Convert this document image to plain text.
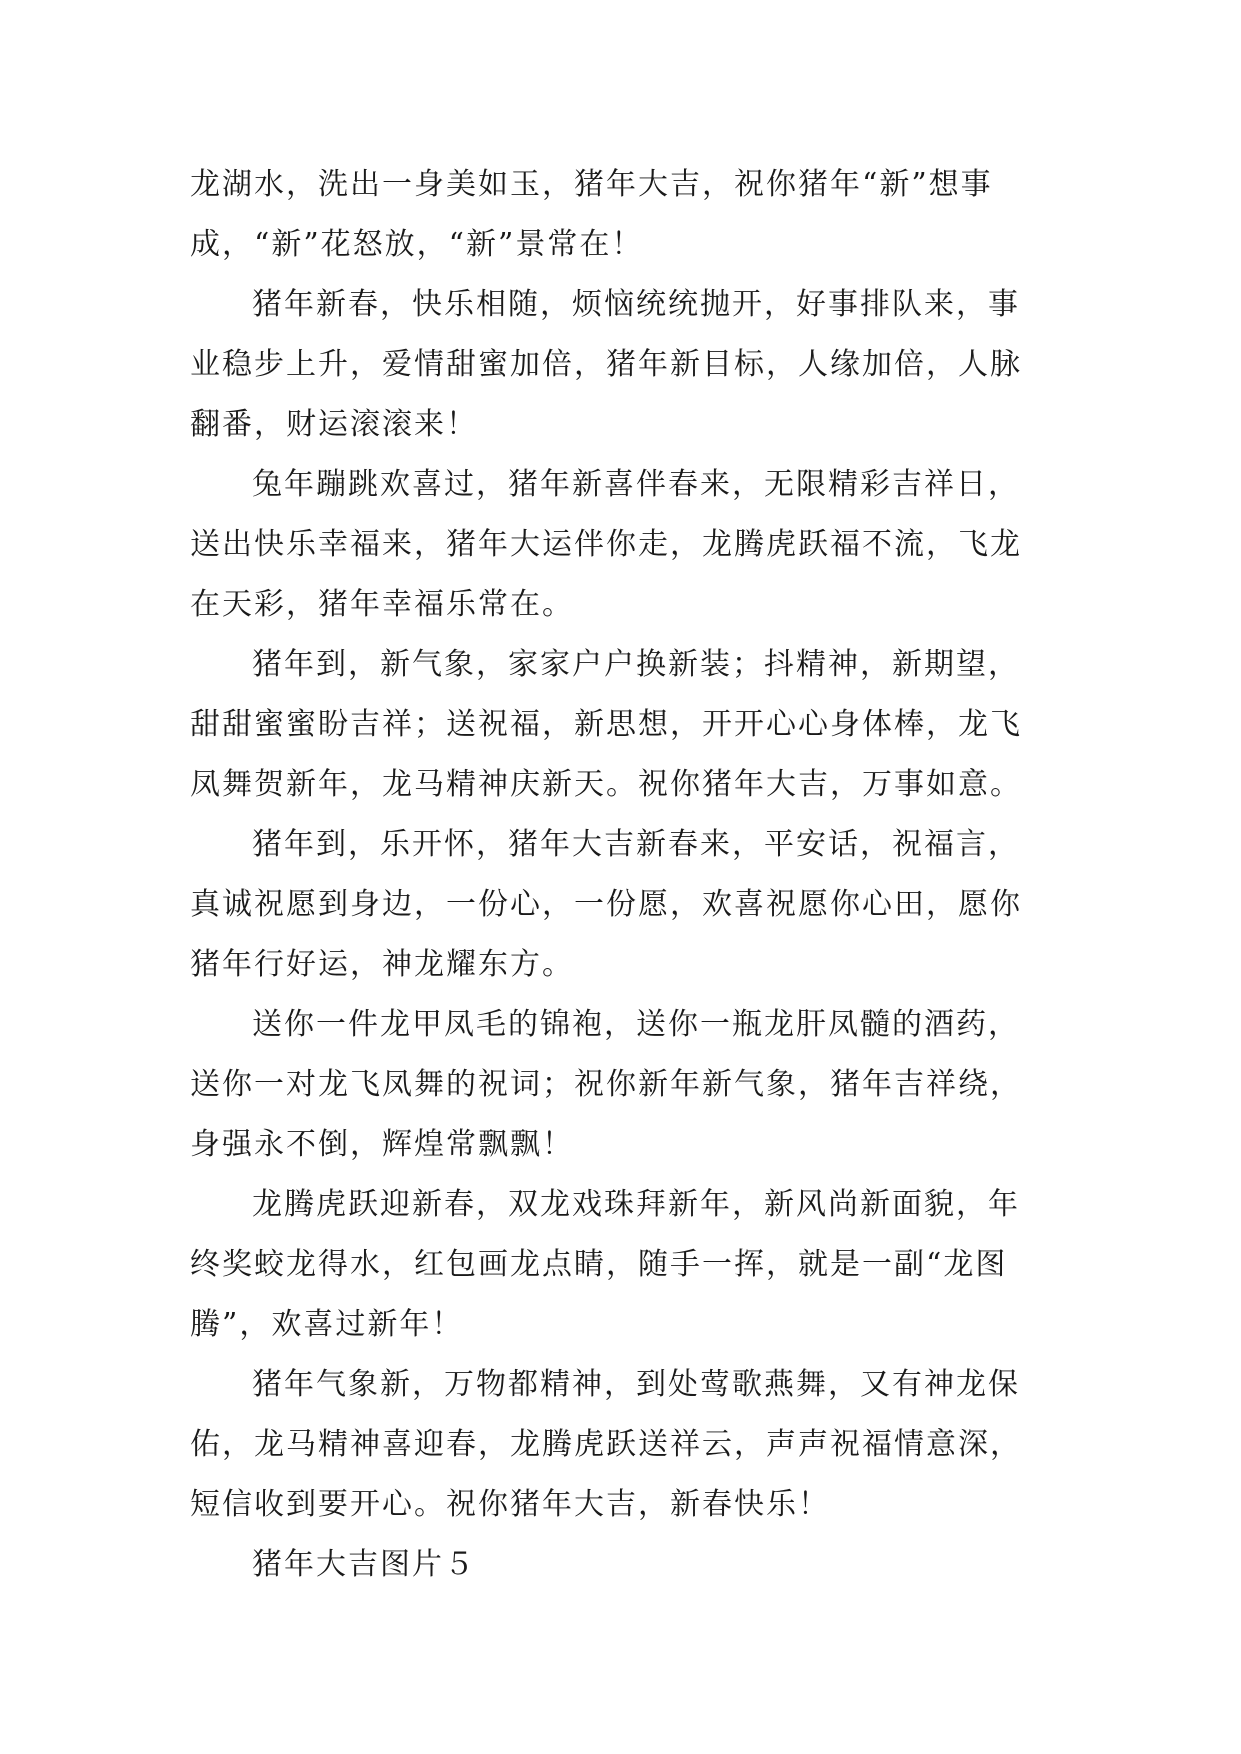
龙湖水，洗出一身美如玉，猪年大吉，祝你猪年“新”想事
成，“新”花怒放，“新”景常在！

猪年新春，快乐相随，烦恼统统抛开，好事排队来，事
业稳步上升，爱情甜蜜加倍，猪年新目标，人缘加倍，人脉
翻番，财运滚滚来！

兔年蹦跳欢喜过，猪年新喜伴春来，无限精彩吉祥日，
送出快乐幸福来，猪年大运伴你走，龙腾虎跃福不流，飞龙
在天彩，猪年幸福乐常在。

猪年到，新气象，家家户户换新装；抖精神，新期望，
甜甜蜜蜜盼吉祥；送祝福，新思想，开开心心身体棒，龙飞
凤舞贺新年，龙马精神庆新天。祝你猪年大吉，万事如意。

猪年到，乐开怀，猪年大吉新春来，平安话，祝福言，
真诚祝愿到身边，一份心，一份愿，欢喜祝愿你心田，愿你
猪年行好运，神龙耀东方。

送你一件龙甲凤毛的锦袍，送你一瓶龙肝凤髓的酒药，
送你一对龙飞凤舞的祝词；祝你新年新气象，猪年吉祥绕，
身强永不倒，辉煌常飘飘！

龙腾虎跃迎新春，双龙戏珠拜新年，新风尚新面貌，年
终奖蛟龙得水，红包画龙点睛，随手一挥，就是一副“龙图
腾”，欢喜过新年！

猪年气象新，万物都精神，到处莺歌燕舞，又有神龙保
佑，龙马精神喜迎春，龙腾虎跃送祥云，声声祝福情意深，
短信收到要开心。祝你猪年大吉，新春快乐！

猪年大吉图片５
